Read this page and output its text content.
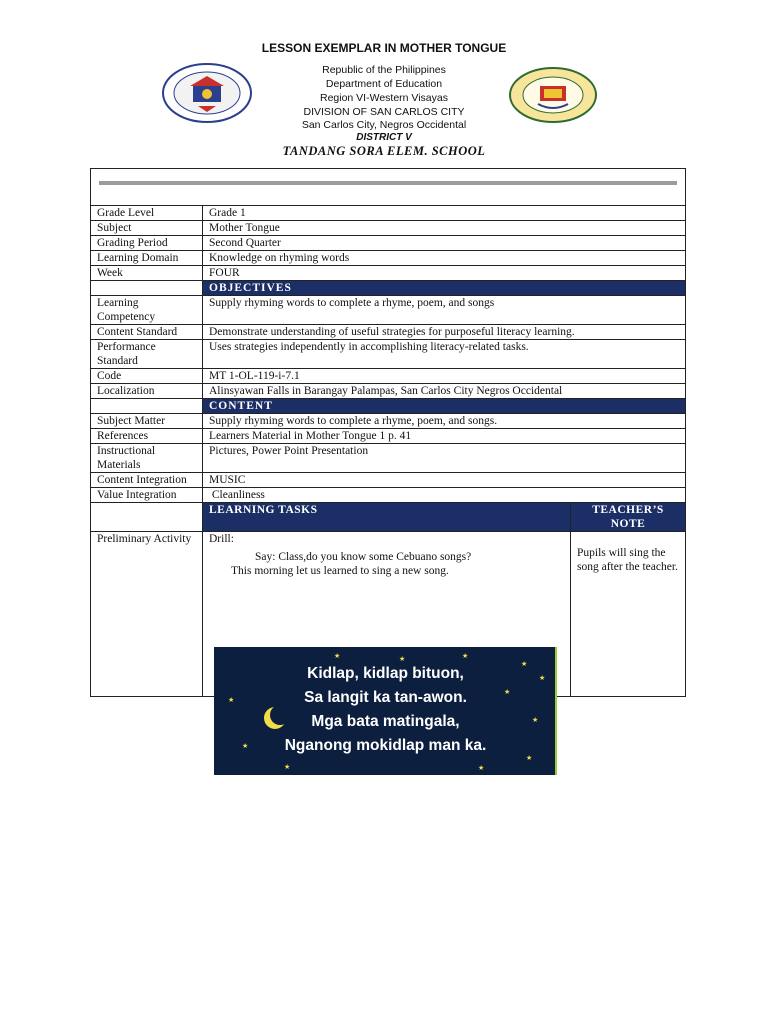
LESSON EXEMPLAR IN MOTHER TONGUE
Republic of the Philippines
Department of Education
Region VI-Western Visayas
DIVISION OF SAN CARLOS CITY
San Carlos City, Negros Occidental
DISTRICT V
TANDANG SORA ELEM. SCHOOL

Grade Level	Grade 1	
Subject	Mother Tongue	
Grading Period	Second Quarter	
Learning Domain	Knowledge on rhyming words	
Week	FOUR	
	OBJECTIVES	
Learning Competency	Supply rhyming words to complete a rhyme, poem, and songs	
Content Standard	Demonstrate understanding of useful strategies for purposeful literacy learning.	
Performance Standard	Uses strategies independently in accomplishing literacy-related tasks.	
Code	MT 1-OL-119-i-7.1	
Localization	Alinsyawan Falls in Barangay Palampas, San Carlos City Negros Occidental	
	CONTENT	
Subject Matter	Supply rhyming words to complete a rhyme, poem, and songs.	
References	Learners Material in Mother Tongue 1 p. 41	
Instructional Materials	Pictures, Power Point Presentation	
Content Integration	MUSIC	
Value Integration	Cleanliness	
	LEARNING TASKS	TEACHER’S NOTE
Preliminary Activity	Drill:
Say: Class,do you know some Cebuano songs?
This morning let us learned to sing a new song.	Pupils will sing the song after the teacher.
★	★	★
★
★
★
★
★
★
★	★
★
Kidlap, kidlap bituon,
Sa langit ka tan-awon.
Mga bata matingala,
Nganong mokidlap man ka.
